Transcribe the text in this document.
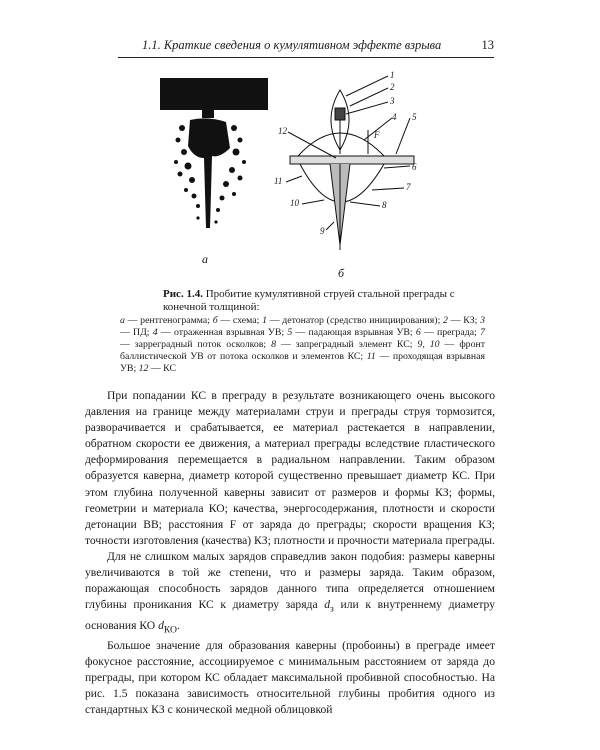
1.1. Краткие сведения о кумулятивном эффекте взрыва	13
а
1
2
3
4 5
6
7
8
9
10
11
12	F
б
Рис. 1.4. Пробитие кумулятивной струей стальной преграды с конечной толщиной:
а — рентгенограмма; б — схема; 1 — детонатор (средство инициирования); 2 — КЗ; 3 — ПД; 4 — отраженная взрывная УВ; 5 — падающая взрывная УВ; 6 — преграда; 7 — заpреградный поток осколков; 8 — запреградный элемент КС; 9, 10 — фронт баллистической УВ от потока осколков и элементов КС; 11 — проходящая взрывная УВ; 12 — КС

При попадании КС в преграду в результате возникающего очень высокого давления на границе между материалами струи и преграды струя тормозится, разворачивается и срабатывается, ее материал растекается в направлении, обратном скорости ее движения, а материал преграды вследствие пластического деформирования перемещается в радиальном направлении. Таким образом образуется каверна, диаметр которой существенно превышает диаметр КС. При этом глубина полученной каверны зависит от размеров и формы КЗ; формы, геометрии и материала КО; качества, энергосодержания, плотности и скорости детонации ВВ; расстояния F от заряда до преграды; скорости вращения КЗ; точности изготовления (качества) КЗ; плотности и прочности материала преграды.

Для не слишком малых зарядов справедлив закон подобия: размеры каверны увеличиваются в той же степени, что и размеры заряда. Таким образом, поражающая способность зарядов данного типа определяется отношением глубины проникания КС к диаметру заряда $d_з$ или к внутреннему диаметру основания КО $d_{КО}$.

Большое значение для образования каверны (пробоины) в преграде имеет фокусное расстояние, ассоциируемое с минимальным расстоянием от заряда до преграды, при котором КС обладает максимальной пробивной способностью. На рис. 1.5 показана зависимость относительной глубины пробития одного из стандартных КЗ с конической медной облицовкой
